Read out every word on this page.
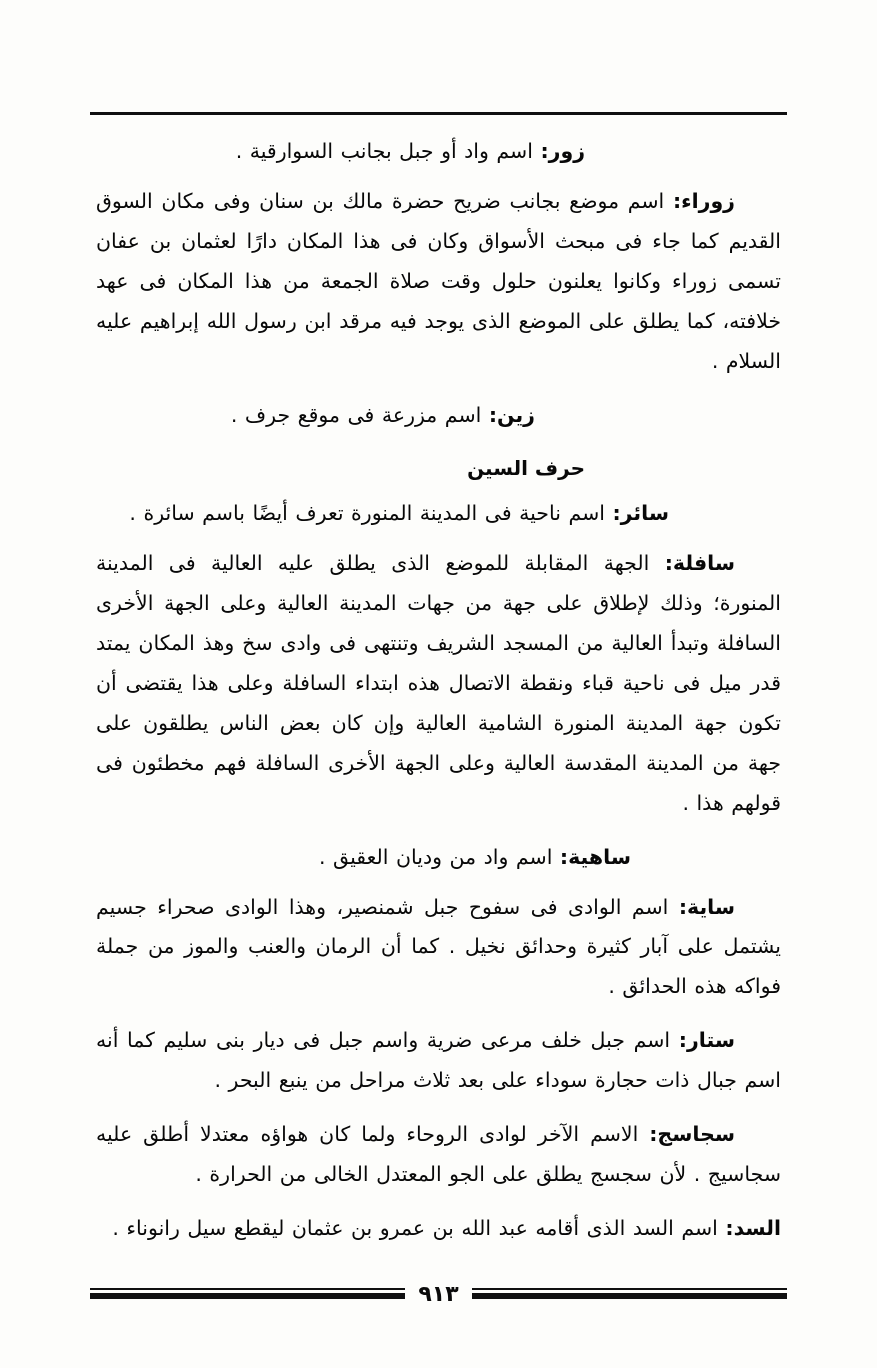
زور: اسم واد أو جبل بجانب السوارقية .

زوراء: اسم موضع بجانب ضريح حضرة مالك بن سنان وفى مكان السوق القديم كما جاء فى مبحث الأسواق وكان فى هذا المكان دارًا لعثمان بن عفان تسمى زوراء وكانوا يعلنون حلول وقت صلاة الجمعة من هذا المكان فى عهد خلافته، كما يطلق على الموضع الذى يوجد فيه مرقد ابن رسول الله إبراهيم عليه السلام .

زين: اسم مزرعة فى موقع جرف .

حرف السين

سائر: اسم ناحية فى المدينة المنورة تعرف أيضًا باسم سائرة .

سافلة: الجهة المقابلة للموضع الذى يطلق عليه العالية فى المدينة المنورة؛ وذلك لإطلاق على جهة من جهات المدينة العالية وعلى الجهة الأخرى السافلة وتبدأ العالية من المسجد الشريف وتنتهى فى وادى سخ وهذ المكان يمتد قدر ميل فى ناحية قباء ونقطة الاتصال هذه ابتداء السافلة وعلى هذا يقتضى أن تكون جهة المدينة المنورة الشامية العالية وإن كان بعض الناس يطلقون على جهة من المدينة المقدسة العالية وعلى الجهة الأخرى السافلة فهم مخطئون فى قولهم هذا .

ساهية: اسم واد من وديان العقيق .

ساية: اسم الوادى فى سفوح جبل شمنصير، وهذا الوادى صحراء جسيم يشتمل على آبار كثيرة وحدائق نخيل . كما أن الرمان والعنب والموز من جملة فواكه هذه الحدائق .

ستار: اسم جبل خلف مرعى ضرية واسم جبل فى ديار بنى سليم كما أنه اسم جبال ذات حجارة سوداء على بعد ثلاث مراحل من ينبع البحر .

سجاسج: الاسم الآخر لوادى الروحاء ولما كان هواؤه معتدلا أطلق عليه سجاسيج . لأن سجسج يطلق على الجو المعتدل الخالى من الحرارة .

السد: اسم السد الذى أقامه عبد الله بن عمرو بن عثمان ليقطع سيل رانوناء .

٩١٣
